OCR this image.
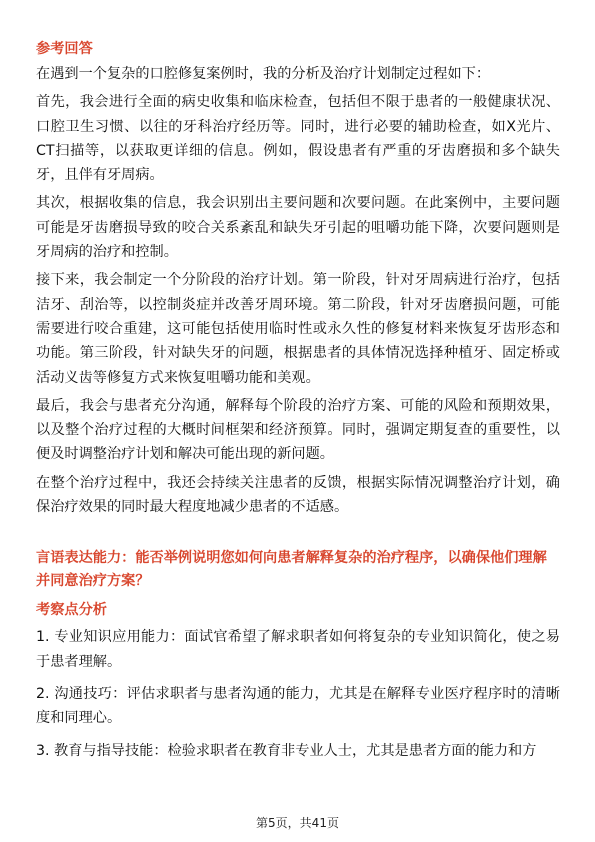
参考回答
在遇到一个复杂的口腔修复案例时，我的分析及治疗计划制定过程如下：
首先，我会进行全面的病史收集和临床检查，包括但不限于患者的一般健康状况、口腔卫生习惯、以往的牙科治疗经历等。同时，进行必要的辅助检查，如X光片、CT扫描等，以获取更详细的信息。例如，假设患者有严重的牙齿磨损和多个缺失牙，且伴有牙周病。
其次，根据收集的信息，我会识别出主要问题和次要问题。在此案例中，主要问题可能是牙齿磨损导致的咬合关系紊乱和缺失牙引起的咀嚼功能下降，次要问题则是牙周病的治疗和控制。
接下来，我会制定一个分阶段的治疗计划。第一阶段，针对牙周病进行治疗，包括洁牙、刮治等，以控制炎症并改善牙周环境。第二阶段，针对牙齿磨损问题，可能需要进行咬合重建，这可能包括使用临时性或永久性的修复材料来恢复牙齿形态和功能。第三阶段，针对缺失牙的问题，根据患者的具体情况选择种植牙、固定桥或活动义齿等修复方式来恢复咀嚼功能和美观。
最后，我会与患者充分沟通，解释每个阶段的治疗方案、可能的风险和预期效果，以及整个治疗过程的大概时间框架和经济预算。同时，强调定期复查的重要性，以便及时调整治疗计划和解决可能出现的新问题。
在整个治疗过程中，我还会持续关注患者的反馈，根据实际情况调整治疗计划，确保治疗效果的同时最大程度地减少患者的不适感。
言语表达能力：能否举例说明您如何向患者解释复杂的治疗程序，以确保他们理解并同意治疗方案？
考察点分析
1. 专业知识应用能力：面试官希望了解求职者如何将复杂的专业知识简化，使之易于患者理解。
2. 沟通技巧：评估求职者与患者沟通的能力，尤其是在解释专业医疗程序时的清晰度和同理心。
3. 教育与指导技能：检验求职者在教育非专业人士，尤其是患者方面的能力和方
第5页，共41页
